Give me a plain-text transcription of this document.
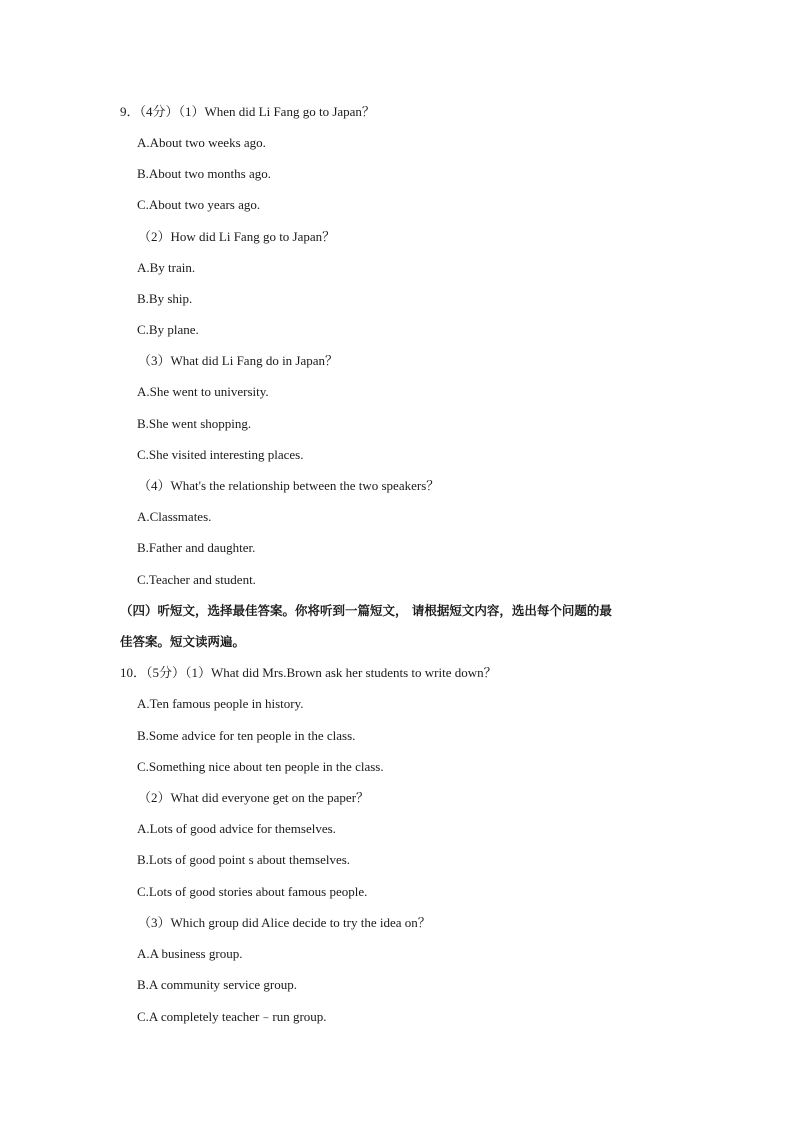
9．（4分）（1）When did Li Fang go to Japan？
A.About two weeks ago.
B.About two months ago.
C.About two years ago.
（2）How did Li Fang go to Japan？
A.By train.
B.By ship.
C.By plane.
（3）What did Li Fang do in Japan？
A.She went to university.
B.She went shopping.
C.She visited interesting places.
（4）What's the relationship between the two speakers？
A.Classmates.
B.Father and daughter.
C.Teacher and student.
（四）听短文，选择最佳答案。你将听到一篇短文， 请根据短文内容，选出每个问题的最
佳答案。短文读两遍。
10．（5分）（1）What did Mrs.Brown ask her students to write down？
A.Ten famous people in history.
B.Some advice for ten people in the class.
C.Something nice about ten people in the class.
（2）What did everyone get on the paper？
A.Lots of good advice for themselves.
B.Lots of good point s about themselves.
C.Lots of good stories about famous people.
（3）Which group did Alice decide to try the idea on？
A.A business group.
B.A community service group.
C.A completely teacher﹣run group.
